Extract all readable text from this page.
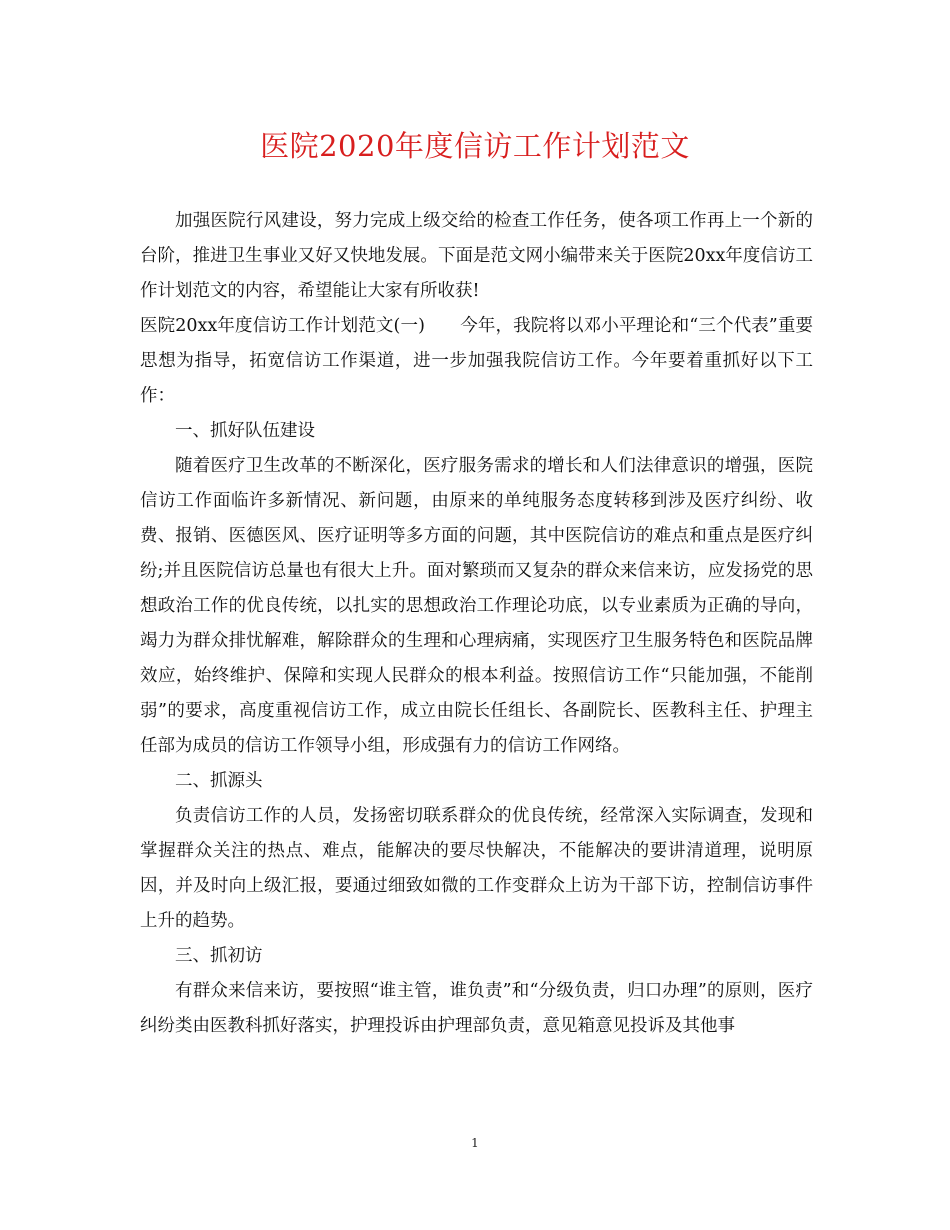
医院2020年度信访工作计划范文

加强医院行风建设，努力完成上级交给的检查工作任务，使各项工作再上一个新的台阶，推进卫生事业又好又快地发展。下面是范文网小编带来关于医院20xx年度信访工作计划范文的内容，希望能让大家有所收获!

医院20xx年度信访工作计划范文(一)　　今年，我院将以邓小平理论和“三个代表”重要思想为指导，拓宽信访工作渠道，进一步加强我院信访工作。今年要着重抓好以下工作：

一、抓好队伍建设

随着医疗卫生改革的不断深化，医疗服务需求的增长和人们法律意识的增强，医院信访工作面临许多新情况、新问题，由原来的单纯服务态度转移到涉及医疗纠纷、收费、报销、医德医风、医疗证明等多方面的问题，其中医院信访的难点和重点是医疗纠纷;并且医院信访总量也有很大上升。面对繁琐而又复杂的群众来信来访，应发扬党的思想政治工作的优良传统，以扎实的思想政治工作理论功底，以专业素质为正确的导向，竭力为群众排忧解难，解除群众的生理和心理病痛，实现医疗卫生服务特色和医院品牌效应，始终维护、保障和实现人民群众的根本利益。按照信访工作“只能加强，不能削弱”的要求，高度重视信访工作，成立由院长任组长、各副院长、医教科主任、护理主任部为成员的信访工作领导小组，形成强有力的信访工作网络。

二、抓源头

负责信访工作的人员，发扬密切联系群众的优良传统，经常深入实际调查，发现和掌握群众关注的热点、难点，能解决的要尽快解决，不能解决的要讲清道理，说明原因，并及时向上级汇报，要通过细致如微的工作变群众上访为干部下访，控制信访事件上升的趋势。

三、抓初访

有群众来信来访，要按照“谁主管，谁负责”和“分级负责，归口办理”的原则，医疗纠纷类由医教科抓好落实，护理投诉由护理部负责，意见箱意见投诉及其他事

1
